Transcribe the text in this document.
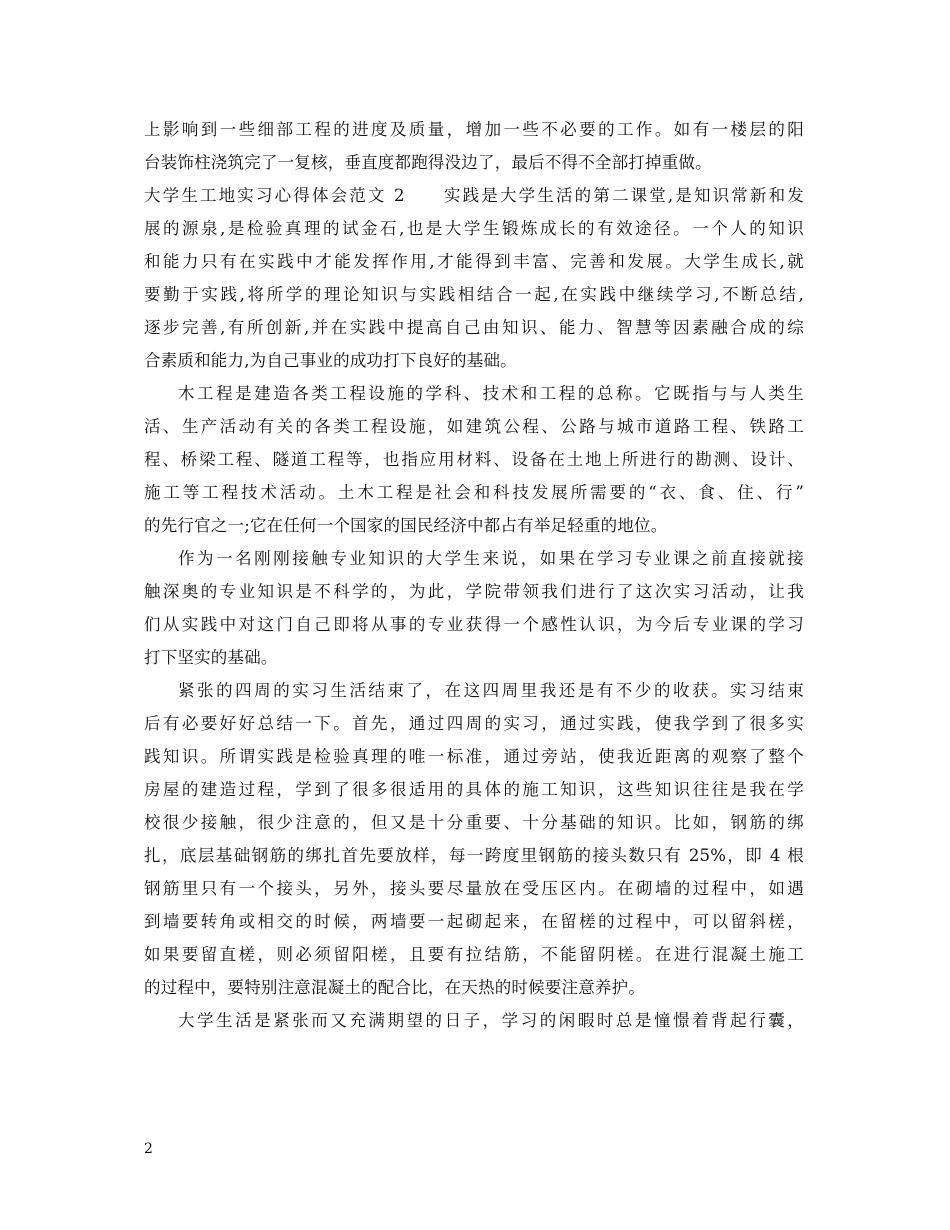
上影响到一些细部工程的进度及质量，增加一些不必要的工作。如有一楼层的阳
台装饰柱浇筑完了一复核，垂直度都跑得没边了，最后不得不全部打掉重做。
大学生工地实习心得体会范文 2　　实践是大学生活的第二课堂,是知识常新和发
展的源泉,是检验真理的试金石,也是大学生锻炼成长的有效途径。一个人的知识
和能力只有在实践中才能发挥作用,才能得到丰富、完善和发展。大学生成长,就
要勤于实践,将所学的理论知识与实践相结合一起,在实践中继续学习,不断总结,
逐步完善,有所创新,并在实践中提高自己由知识、能力、智慧等因素融合成的综
合素质和能力,为自己事业的成功打下良好的基础。
木工程是建造各类工程设施的学科、技术和工程的总称。它既指与与人类生
活、生产活动有关的各类工程设施，如建筑公程、公路与城市道路工程、铁路工
程、桥梁工程、隧道工程等，也指应用材料、设备在土地上所进行的勘测、设计、
施工等工程技术活动。土木工程是社会和科技发展所需要的“衣、食、住、行”
的先行官之一;它在任何一个国家的国民经济中都占有举足轻重的地位。
作为一名刚刚接触专业知识的大学生来说，如果在学习专业课之前直接就接
触深奥的专业知识是不科学的，为此，学院带领我们进行了这次实习活动，让我
们从实践中对这门自己即将从事的专业获得一个感性认识，为今后专业课的学习
打下坚实的基础。
紧张的四周的实习生活结束了，在这四周里我还是有不少的收获。实习结束
后有必要好好总结一下。首先，通过四周的实习，通过实践，使我学到了很多实
践知识。所谓实践是检验真理的唯一标准，通过旁站，使我近距离的观察了整个
房屋的建造过程，学到了很多很适用的具体的施工知识，这些知识往往是我在学
校很少接触，很少注意的，但又是十分重要、十分基础的知识。比如，钢筋的绑
扎，底层基础钢筋的绑扎首先要放样，每一跨度里钢筋的接头数只有 25%，即 4 根
钢筋里只有一个接头，另外，接头要尽量放在受压区内。在砌墙的过程中，如遇
到墙要转角或相交的时候，两墙要一起砌起来，在留槎的过程中，可以留斜槎，
如果要留直槎，则必须留阳槎，且要有拉结筋，不能留阴槎。在进行混凝土施工
的过程中，要特别注意混凝土的配合比，在天热的时候要注意养护。
大学生活是紧张而又充满期望的日子，学习的闲暇时总是憧憬着背起行囊，
2
